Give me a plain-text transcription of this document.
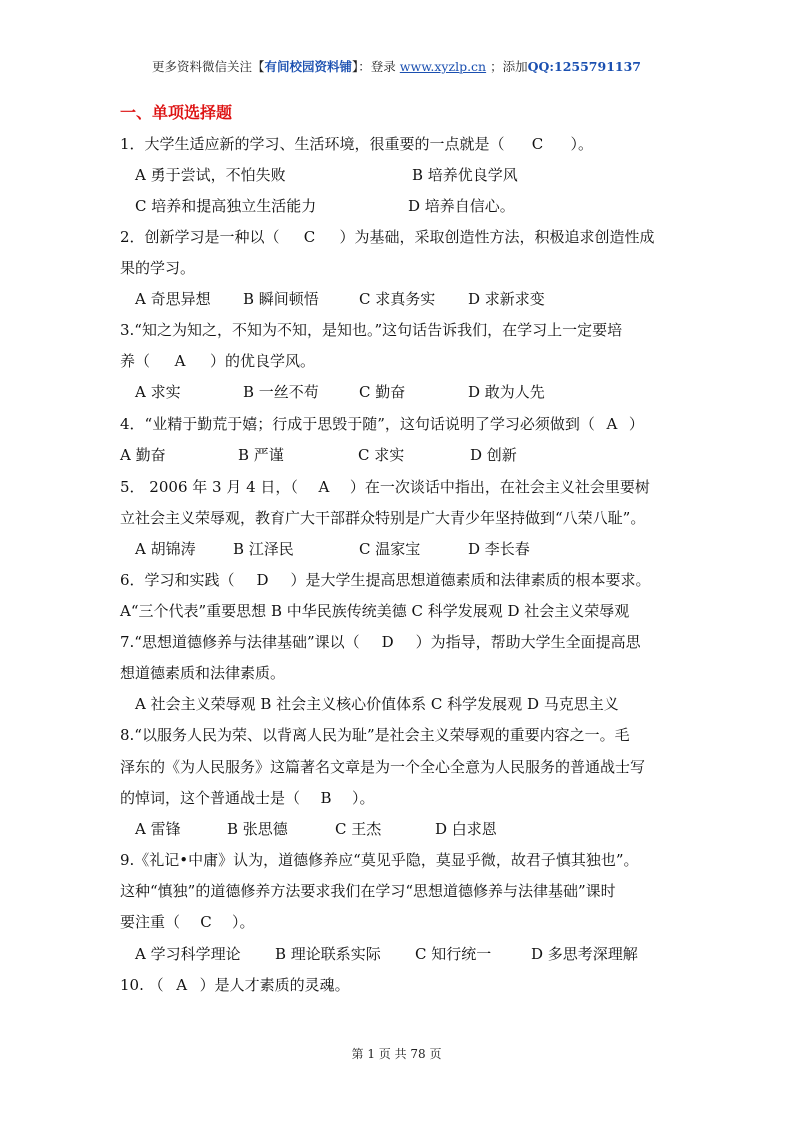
更多资料微信关注【有间校园资料铺】：登录 www.xyzlp.cn ；添加QQ:1255791137
一、单项选择题
1．大学生适应新的学习、生活环境，很重要的一点就是（ C ）。
A 勇于尝试，不怕失败	B 培养优良学风
C 培养和提高独立生活能力	D 培养自信心。
2．创新学习是一种以（ C ）为基础，采取创造性方法，积极追求创造性成
果的学习。
A 奇思异想 B 瞬间顿悟	C 求真务实 D 求新求变
3.“知之为知之，不知为不知，是知也。”这句话告诉我们，在学习上一定要培
养（ A ）的优良学风。
A 求实	B 一丝不苟	C 勤奋	D 敢为人先
4．“业精于勤荒于嬉；行成于思毁于随”，这句话说明了学习必须做到（ A ）
A 勤奋	B 严谨	C 求实	D 创新
5． 2006 年 3 月 4 日，（ A ）在一次谈话中指出，在社会主义社会里要树
立社会主义荣辱观，教育广大干部群众特别是广大青少年坚持做到“八荣八耻”。
A 胡锦涛 B 江泽民	C 温家宝	D 李长春
6．学习和实践（ D ）是大学生提高思想道德素质和法律素质的根本要求。
A“三个代表”重要思想 B 中华民族传统美德 C 科学发展观 D 社会主义荣辱观
7.“思想道德修养与法律基础”课以（ D ）为指导，帮助大学生全面提高思
想道德素质和法律素质。
A 社会主义荣辱观 B 社会主义核心价值体系 C 科学发展观 D 马克思主义
8.“以服务人民为荣、以背离人民为耻”是社会主义荣辱观的重要内容之一。毛
泽东的《为人民服务》这篇著名文章是为一个全心全意为人民服务的普通战士写
的悼词，这个普通战士是（ B ）。
A 雷锋	B 张思德	C 王杰	D 白求恩
9.《礼记•中庸》认为，道德修养应“莫见乎隐，莫显乎微，故君子慎其独也”。
这种“慎独”的道德修养方法要求我们在学习“思想道德修养与法律基础”课时
要注重（ C ）。
A 学习科学理论 B 理论联系实际 C 知行统一	D 多思考深理解
10. （ A ）是人才素质的灵魂。
第 1 页 共 78 页
